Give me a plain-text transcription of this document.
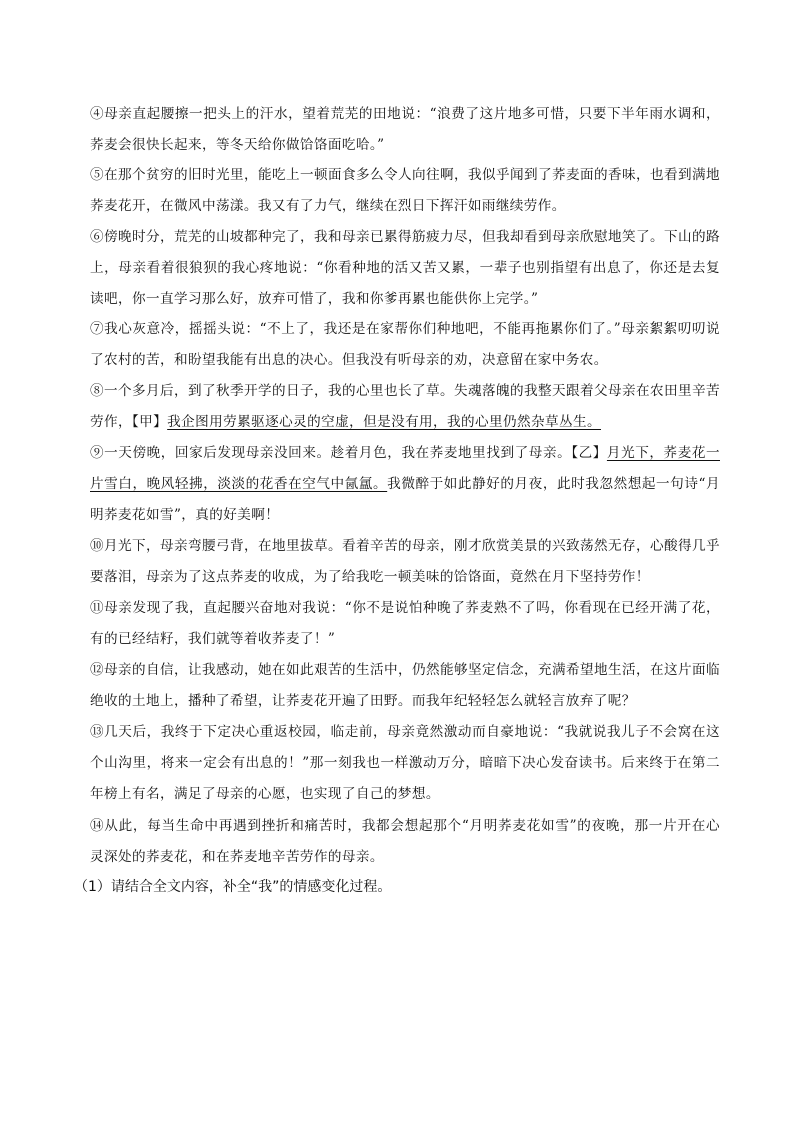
④母亲直起腰擦一把头上的汗水，望着荒芜的田地说：“浪费了这片地多可惜，只要下半年雨水调和，荞麦会很快长起来，等冬天给你做饸饹面吃哈。”

⑤在那个贫穷的旧时光里，能吃上一顿面食多么令人向往啊，我似乎闻到了荞麦面的香味，也看到满地荞麦花开，在微风中荡漾。我又有了力气，继续在烈日下挥汗如雨继续劳作。

⑥傍晚时分，荒芜的山坡都种完了，我和母亲已累得筋疲力尽，但我却看到母亲欣慰地笑了。下山的路上，母亲看着很狼狈的我心疼地说：“你看种地的活又苦又累，一辈子也别指望有出息了，你还是去复读吧，你一直学习那么好，放弃可惜了，我和你爹再累也能供你上完学。”

⑦我心灰意冷，摇摇头说：“不上了，我还是在家帮你们种地吧，不能再拖累你们了。”母亲絮絮叨叨说了农村的苦，和盼望我能有出息的决心。但我没有听母亲的劝，决意留在家中务农。

⑧一个多月后，到了秋季开学的日子，我的心里也长了草。失魂落魄的我整天跟着父母亲在农田里辛苦劳作，【甲】我企图用劳累驱逐心灵的空虚，但是没有用，我的心里仍然杂草丛生。

⑨一天傍晚，回家后发现母亲没回来。趁着月色，我在荞麦地里找到了母亲。【乙】月光下，荞麦花一片雪白，晚风轻拂，淡淡的花香在空气中氤氲。我微醉于如此静好的月夜，此时我忽然想起一句诗“月明荞麦花如雪”，真的好美啊！

⑩月光下，母亲弯腰弓背，在地里拔草。看着辛苦的母亲，刚才欣赏美景的兴致荡然无存，心酸得几乎要落泪，母亲为了这点荞麦的收成，为了给我吃一顿美味的饸饹面，竟然在月下坚持劳作！

⑪母亲发现了我，直起腰兴奋地对我说：“你不是说怕种晚了荞麦熟不了吗，你看现在已经开满了花，有的已经结籽，我们就等着收荞麦了！”

⑫母亲的自信，让我感动，她在如此艰苦的生活中，仍然能够坚定信念，充满希望地生活，在这片面临绝收的土地上，播种了希望，让荞麦花开遍了田野。而我年纪轻轻怎么就轻言放弃了呢？

⑬几天后，我终于下定决心重返校园，临走前，母亲竟然激动而自豪地说：“我就说我儿子不会窝在这个山沟里，将来一定会有出息的！”那一刻我也一样激动万分，暗暗下决心发奋读书。后来终于在第二年榜上有名，满足了母亲的心愿，也实现了自己的梦想。

⑭从此，每当生命中再遇到挫折和痛苦时，我都会想起那个“月明荞麦花如雪”的夜晚，那一片开在心灵深处的荞麦花，和在荞麦地辛苦劳作的母亲。

（1）请结合全文内容，补全“我”的情感变化过程。
